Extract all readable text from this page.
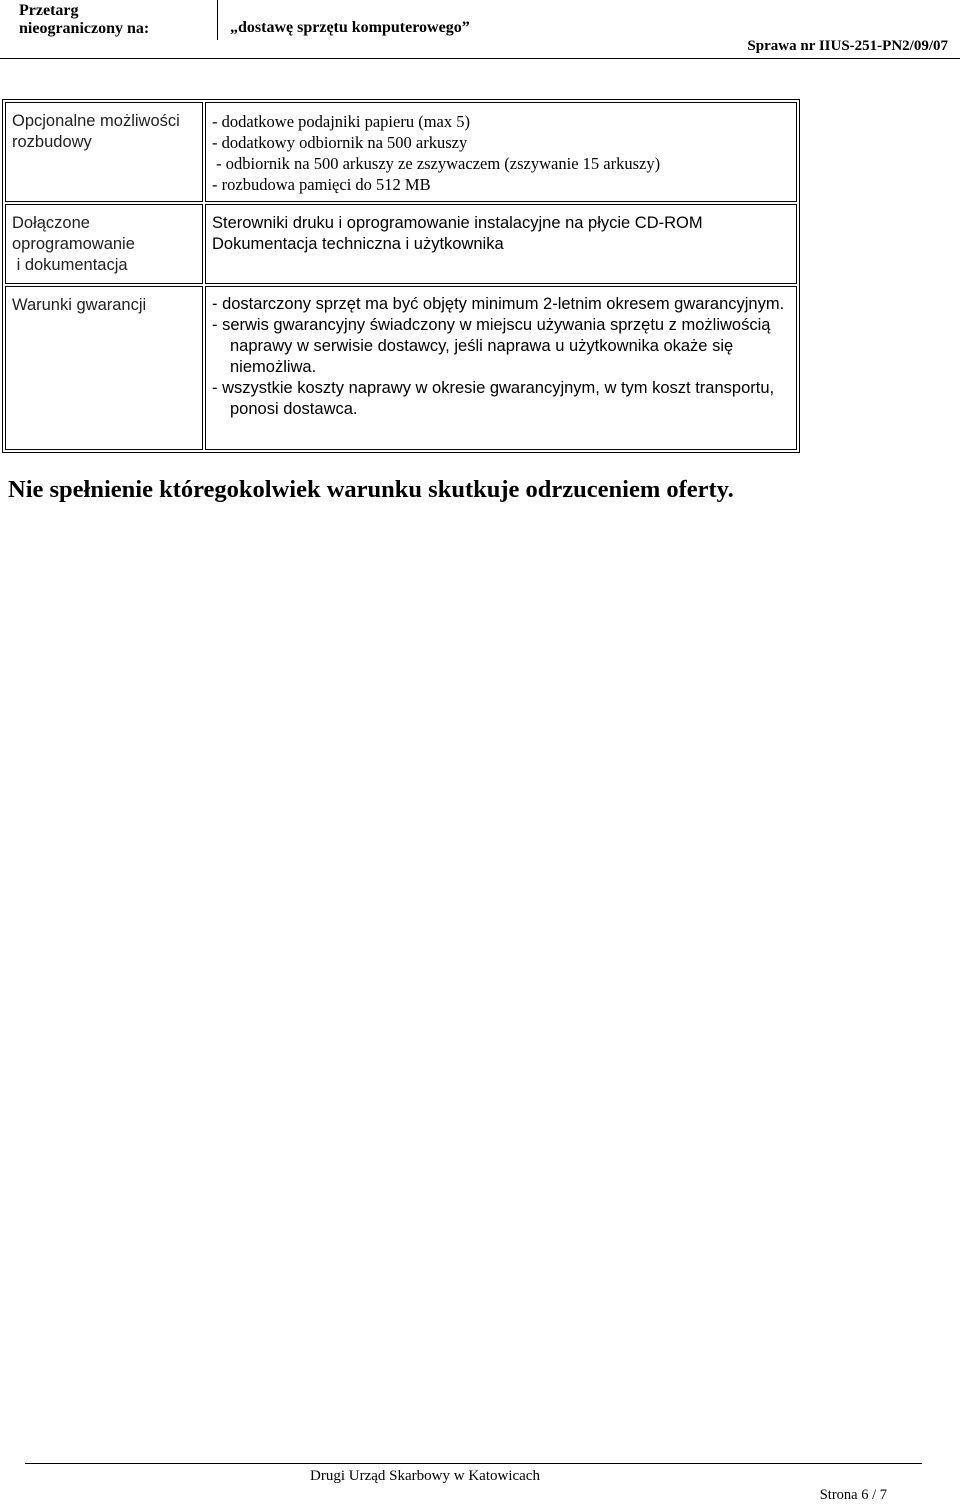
Przetarg
nieograniczony na:	„dostawę sprzętu komputerowego”
Sprawa nr IIUS-251-PN2/09/07
Opcjonalne możliwości
rozbudowy	- dodatkowe podajniki papieru (max 5)
- dodatkowy odbiornik na 500 arkuszy
- odbiornik na 500 arkuszy ze zszywaczem (zszywanie 15 arkuszy)
- rozbudowa pamięci do 512 MB

Dołączone
oprogramowanie
i dokumentacja	Sterowniki druku i oprogramowanie instalacyjne na płycie CD-ROM
Dokumentacja techniczna i użytkownika

Warunki gwarancji	- dostarczony sprzęt ma być objęty minimum 2-letnim okresem gwarancyjnym.
- serwis gwarancyjny świadczony w miejscu używania sprzętu z możliwością naprawy w serwisie dostawcy, jeśli naprawa u użytkownika okaże się niemożliwa.
- wszystkie koszty naprawy w okresie gwarancyjnym, w tym koszt transportu, ponosi dostawca.
Nie spełnienie któregokolwiek warunku skutkuje odrzuceniem oferty.
Drugi Urząd Skarbowy w Katowicach
Strona 6 / 7
